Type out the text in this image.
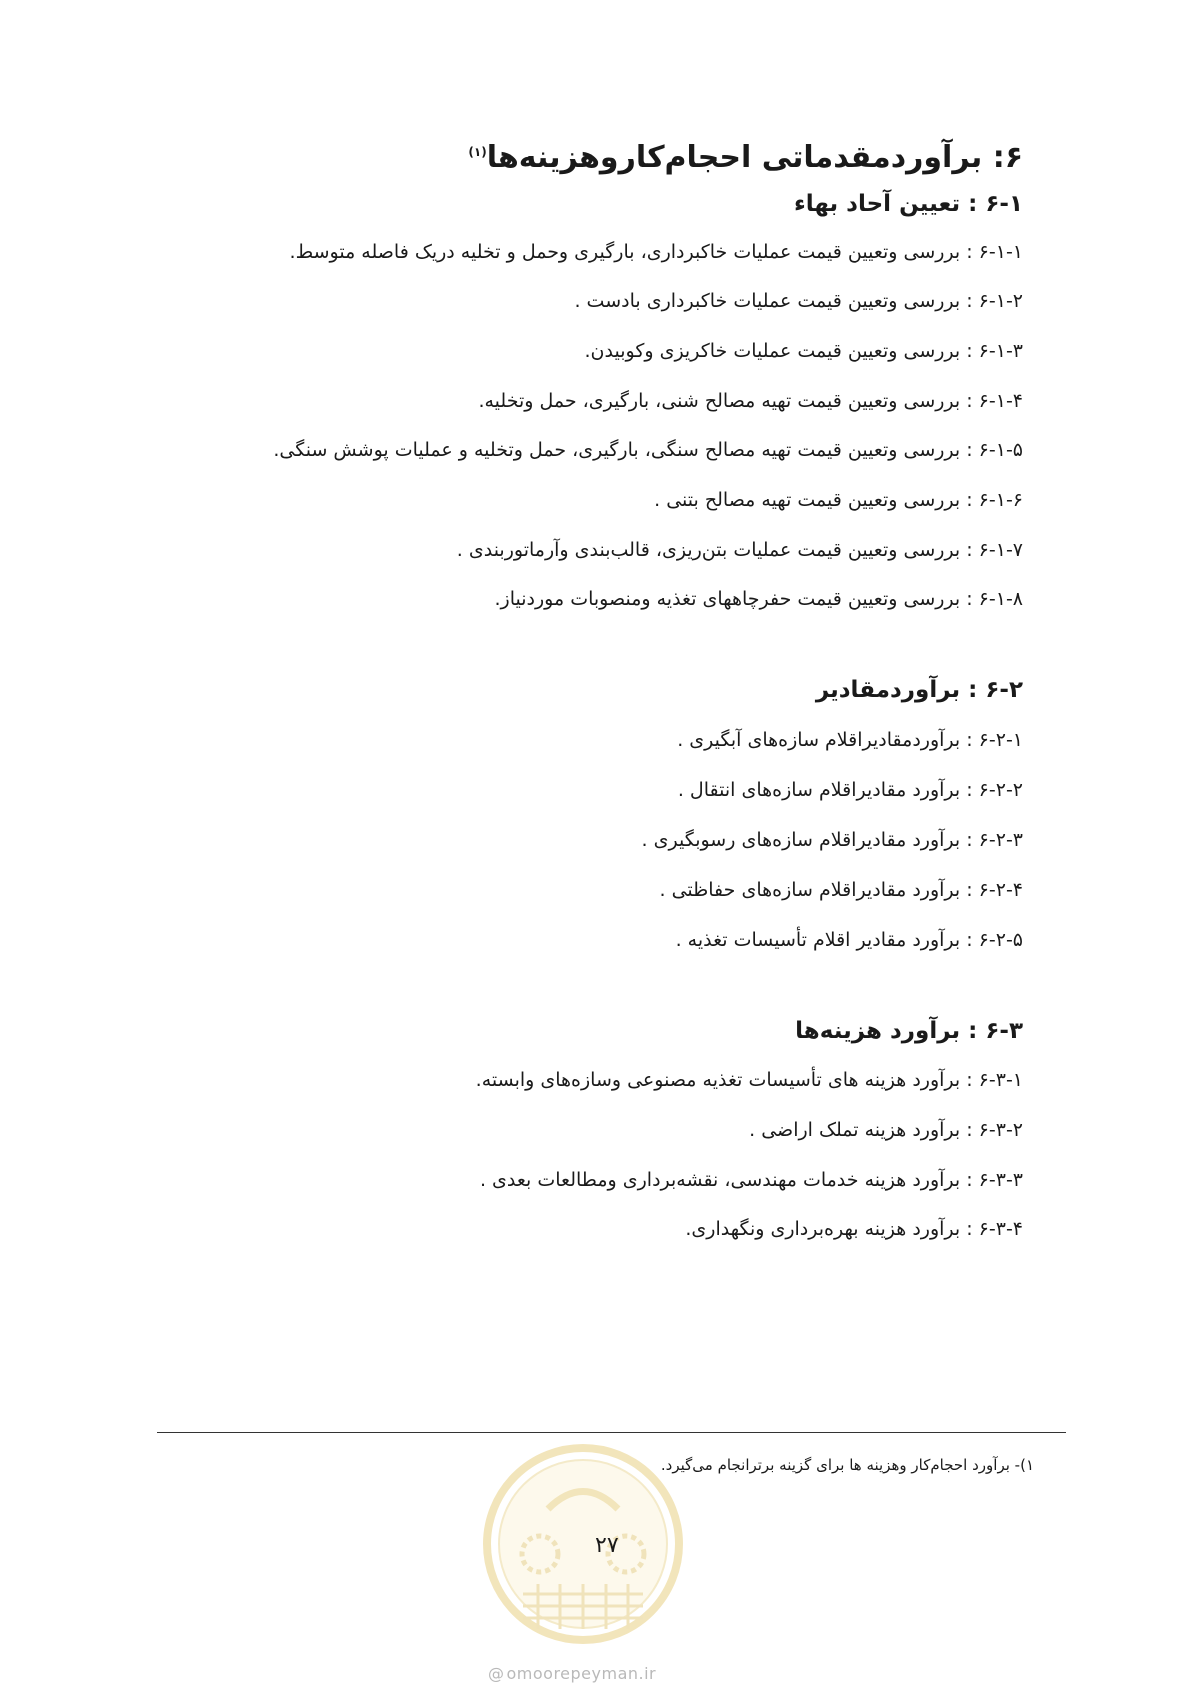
۶: برآوردمقدماتی احجام‌کاروهزینه‌ها$^{(۱)}$
۶-۱ : تعیین آحاد بهاء
۶-۱-۱ : بررسی وتعیین قیمت عملیات خاکبرداری، بارگیری وحمل و تخلیه دریک فاصله متوسط.
۶-۱-۲ : بررسی وتعیین قیمت عملیات خاکبرداری بادست .
۶-۱-۳ : بررسی وتعیین قیمت عملیات خاکریزی وکوبیدن.
۶-۱-۴ : بررسی وتعیین قیمت تهیه مصالح شنی، بارگیری، حمل وتخلیه.
۶-۱-۵ : بررسی وتعیین قیمت تهیه مصالح سنگی، بارگیری، حمل وتخلیه و عملیات پوشش سنگی.
۶-۱-۶ : بررسی وتعیین قیمت تهیه مصالح بتنی .
۶-۱-۷ : بررسی وتعیین قیمت عملیات بتن‌ریزی، قالب‌بندی وآرماتوربندی .
۶-۱-۸ : بررسی وتعیین قیمت حفرچاههای تغذیه ومنصوبات موردنیاز.
۶-۲ : برآوردمقادیر
۶-۲-۱ : برآوردمقادیراقلام سازه‌های آبگیری .
۶-۲-۲ : برآورد مقادیراقلام سازه‌های انتقال .
۶-۲-۳ : برآورد مقادیراقلام سازه‌های رسوبگیری .
۶-۲-۴ : برآورد مقادیراقلام سازه‌های حفاظتی .
۶-۲-۵ : برآورد مقادیر اقلام تأسیسات تغذیه .
۶-۳ : برآورد هزینه‌ها
۶-۳-۱ : برآورد هزینه های تأسیسات تغذیه مصنوعی وسازه‌های وابسته.
۶-۳-۲ : برآورد هزینه تملک اراضی .
۶-۳-۳ : برآورد هزینه خدمات مهندسی، نقشه‌برداری ومطالعات بعدی .
۶-۳-۴ : برآورد هزینه بهره‌برداری ونگهداری.
۱)- برآورد احجام‌کار وهزینه ها برای گزینه برترانجام می‌گیرد.
۲۷
@ omoorepeyman.ir
